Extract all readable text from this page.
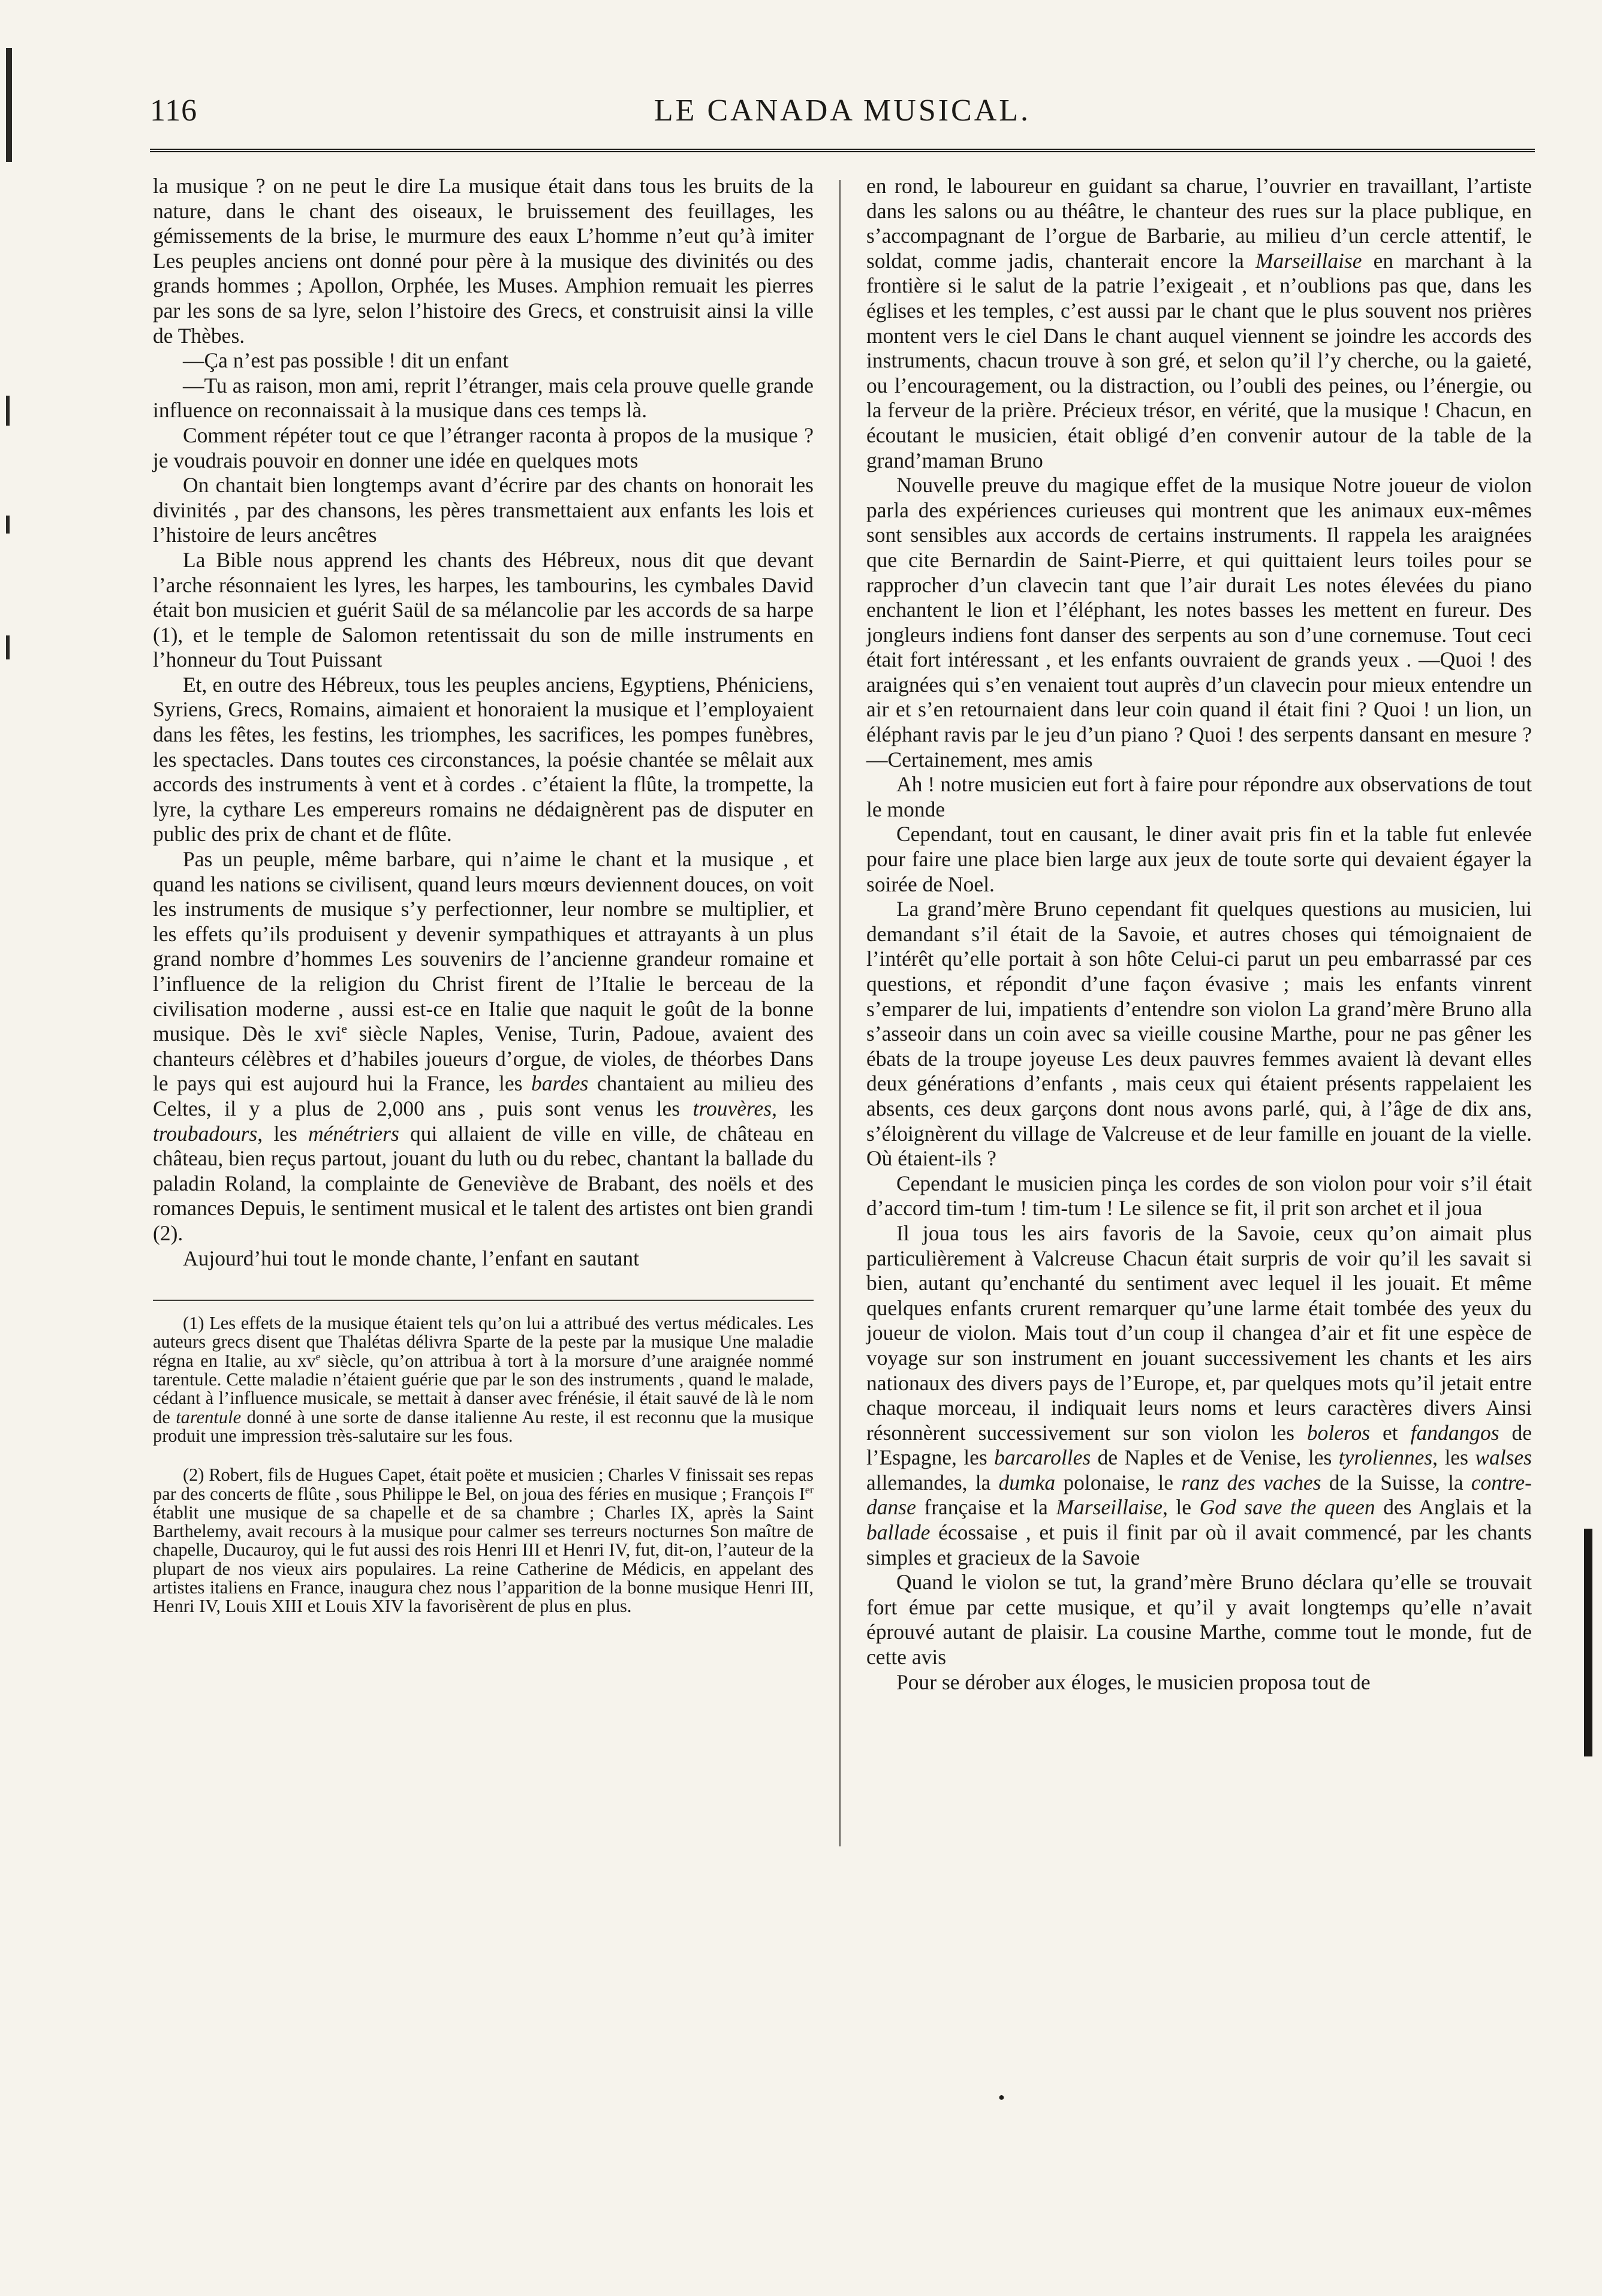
116	LE CANADA MUSICAL.

la musique ? on ne peut le dire La musique était dans tous les bruits de la nature, dans le chant des oiseaux, le bruissement des feuillages, les gémissements de la brise, le murmure des eaux L’homme n’eut qu’à imiter Les peuples anciens ont donné pour père à la musique des divinités ou des grands hommes ; Apollon, Orphée, les Muses. Amphion remuait les pierres par les sons de sa lyre, selon l’histoire des Grecs, et construisit ainsi la ville de Thèbes.

—Ça n’est pas possible ! dit un enfant

—Tu as raison, mon ami, reprit l’étranger, mais cela prouve quelle grande influence on reconnaissait à la musique dans ces temps là.

Comment répéter tout ce que l’étranger raconta à propos de la musique ? je voudrais pouvoir en donner une idée en quelques mots

On chantait bien longtemps avant d’écrire par des chants on honorait les divinités , par des chansons, les pères transmettaient aux enfants les lois et l’histoire de leurs ancêtres

La Bible nous apprend les chants des Hébreux, nous dit que devant l’arche résonnaient les lyres, les harpes, les tambourins, les cymbales David était bon musicien et guérit Saül de sa mélancolie par les accords de sa harpe (1), et le temple de Salomon retentissait du son de mille instruments en l’honneur du Tout Puissant

Et, en outre des Hébreux, tous les peuples anciens, Egyptiens, Phéniciens, Syriens, Grecs, Romains, aimaient et honoraient la musique et l’employaient dans les fêtes, les festins, les triomphes, les sacrifices, les pompes funèbres, les spectacles. Dans toutes ces circonstances, la poésie chantée se mêlait aux accords des instruments à vent et à cordes . c’étaient la flûte, la trompette, la lyre, la cythare Les empereurs romains ne dédaignèrent pas de disputer en public des prix de chant et de flûte.

Pas un peuple, même barbare, qui n’aime le chant et la musique , et quand les nations se civilisent, quand leurs mœurs deviennent douces, on voit les instruments de musique s’y perfectionner, leur nombre se multiplier, et les effets qu’ils produisent y devenir sympathiques et attrayants à un plus grand nombre d’hommes Les souvenirs de l’ancienne grandeur romaine et l’influence de la religion du Christ firent de l’Italie le berceau de la civilisation moderne , aussi est-ce en Italie que naquit le goût de la bonne musique. Dès le xvi$^e$ siècle Naples, Venise, Turin, Padoue, avaient des chanteurs célèbres et d’habiles joueurs d’orgue, de violes, de théorbes Dans le pays qui est aujourd hui la France, les bardes chantaient au milieu des Celtes, il y a plus de 2,000 ans , puis sont venus les trouvères, les troubadours, les ménétriers qui allaient de ville en ville, de château en château, bien reçus partout, jouant du luth ou du rebec, chantant la ballade du paladin Roland, la complainte de Geneviève de Brabant, des noëls et des romances Depuis, le sentiment musical et le talent des artistes ont bien grandi (2).

Aujourd’hui tout le monde chante, l’enfant en sautant

(1) Les effets de la musique étaient tels qu’on lui a attribué des vertus médicales. Les auteurs grecs disent que Thalétas délivra Sparte de la peste par la musique Une maladie régna en Italie, au $xv^e$ siècle, qu’on attribua à tort à la morsure d’une araignée nommé tarentule. Cette maladie n’étaient guérie que par le son des instruments , quand le malade, cédant à l’influence musicale, se mettait à danser avec frénésie, il était sauvé de là le nom de tarentule donné à une sorte de danse italienne Au reste, il est reconnu que la musique produit une impression très-salutaire sur les fous.

(2) Robert, fils de Hugues Capet, était poëte et musicien ; Charles V finissait ses repas par des concerts de flûte , sous Philippe le Bel, on joua des féries en musique ; François Ier établit une musique de sa chapelle et de sa chambre ; Charles IX, après la Saint Barthelemy, avait recours à la musique pour calmer ses terreurs nocturnes Son maître de chapelle, Ducauroy, qui le fut aussi des rois Henri III et Henri IV, fut, dit-on, l’auteur de la plupart de nos vieux airs populaires. La reine Catherine de Médicis, en appelant des artistes italiens en France, inaugura chez nous l’apparition de la bonne musique Henri III, Henri IV, Louis XIII et Louis XIV la favorisèrent de plus en plus.

en rond, le laboureur en guidant sa charue, l’ouvrier en travaillant, l’artiste dans les salons ou au théâtre, le chanteur des rues sur la place publique, en s’accompagnant de l’orgue de Barbarie, au milieu d’un cercle attentif, le soldat, comme jadis, chanterait encore la Marseillaise en marchant à la frontière si le salut de la patrie l’exigeait , et n’oublions pas que, dans les églises et les temples, c’est aussi par le chant que le plus souvent nos prières montent vers le ciel Dans le chant auquel viennent se joindre les accords des instruments, chacun trouve à son gré, et selon qu’il l’y cherche, ou la gaieté, ou l’encouragement, ou la distraction, ou l’oubli des peines, ou l’énergie, ou la ferveur de la prière. Précieux trésor, en vérité, que la musique ! Chacun, en écoutant le musicien, était obligé d’en convenir autour de la table de la grand’maman Bruno

Nouvelle preuve du magique effet de la musique Notre joueur de violon parla des expériences curieuses qui montrent que les animaux eux-mêmes sont sensibles aux accords de certains instruments. Il rappela les araignées que cite Bernardin de Saint-Pierre, et qui quittaient leurs toiles pour se rapprocher d’un clavecin tant que l’air durait Les notes élevées du piano enchantent le lion et l’éléphant, les notes basses les mettent en fureur. Des jongleurs indiens font danser des serpents au son d’une cornemuse. Tout ceci était fort intéressant , et les enfants ouvraient de grands yeux . —Quoi ! des araignées qui s’en venaient tout auprès d’un clavecin pour mieux entendre un air et s’en retournaient dans leur coin quand il était fini ? Quoi ! un lion, un éléphant ravis par le jeu d’un piano ? Quoi ! des serpents dansant en mesure ?—Certainement, mes amis

Ah ! notre musicien eut fort à faire pour répondre aux observations de tout le monde

Cependant, tout en causant, le diner avait pris fin et la table fut enlevée pour faire une place bien large aux jeux de toute sorte qui devaient égayer la soirée de Noel.

La grand’mère Bruno cependant fit quelques questions au musicien, lui demandant s’il était de la Savoie, et autres choses qui témoignaient de l’intérêt qu’elle portait à son hôte Celui-ci parut un peu embarrassé par ces questions, et répondit d’une façon évasive ; mais les enfants vinrent s’emparer de lui, impatients d’entendre son violon La grand’mère Bruno alla s’asseoir dans un coin avec sa vieille cousine Marthe, pour ne pas gêner les ébats de la troupe joyeuse Les deux pauvres femmes avaient là devant elles deux générations d’enfants , mais ceux qui étaient présents rappelaient les absents, ces deux garçons dont nous avons parlé, qui, à l’âge de dix ans, s’éloignèrent du village de Valcreuse et de leur famille en jouant de la vielle. Où étaient-ils ?

Cependant le musicien pinça les cordes de son violon pour voir s’il était d’accord tim-tum ! tim-tum ! Le silence se fit, il prit son archet et il joua

Il joua tous les airs favoris de la Savoie, ceux qu’on aimait plus particulièrement à Valcreuse Chacun était surpris de voir qu’il les savait si bien, autant qu’enchanté du sentiment avec lequel il les jouait. Et même quelques enfants crurent remarquer qu’une larme était tombée des yeux du joueur de violon. Mais tout d’un coup il changea d’air et fit une espèce de voyage sur son instrument en jouant successivement les chants et les airs nationaux des divers pays de l’Europe, et, par quelques mots qu’il jetait entre chaque morceau, il indiquait leurs noms et leurs caractères divers Ainsi résonnèrent successivement sur son violon les boleros et fandangos de l’Espagne, les barcarolles de Naples et de Venise, les tyroliennes, les walses allemandes, la dumka polonaise, le ranz des vaches de la Suisse, la contre-danse française et la Marseillaise, le God save the queen des Anglais et la ballade écossaise , et puis il finit par où il avait commencé, par les chants simples et gracieux de la Savoie

Quand le violon se tut, la grand’mère Bruno déclara qu’elle se trouvait fort émue par cette musique, et qu’il y avait longtemps qu’elle n’avait éprouvé autant de plaisir. La cousine Marthe, comme tout le monde, fut de cette avis

Pour se dérober aux éloges, le musicien proposa tout de

●
